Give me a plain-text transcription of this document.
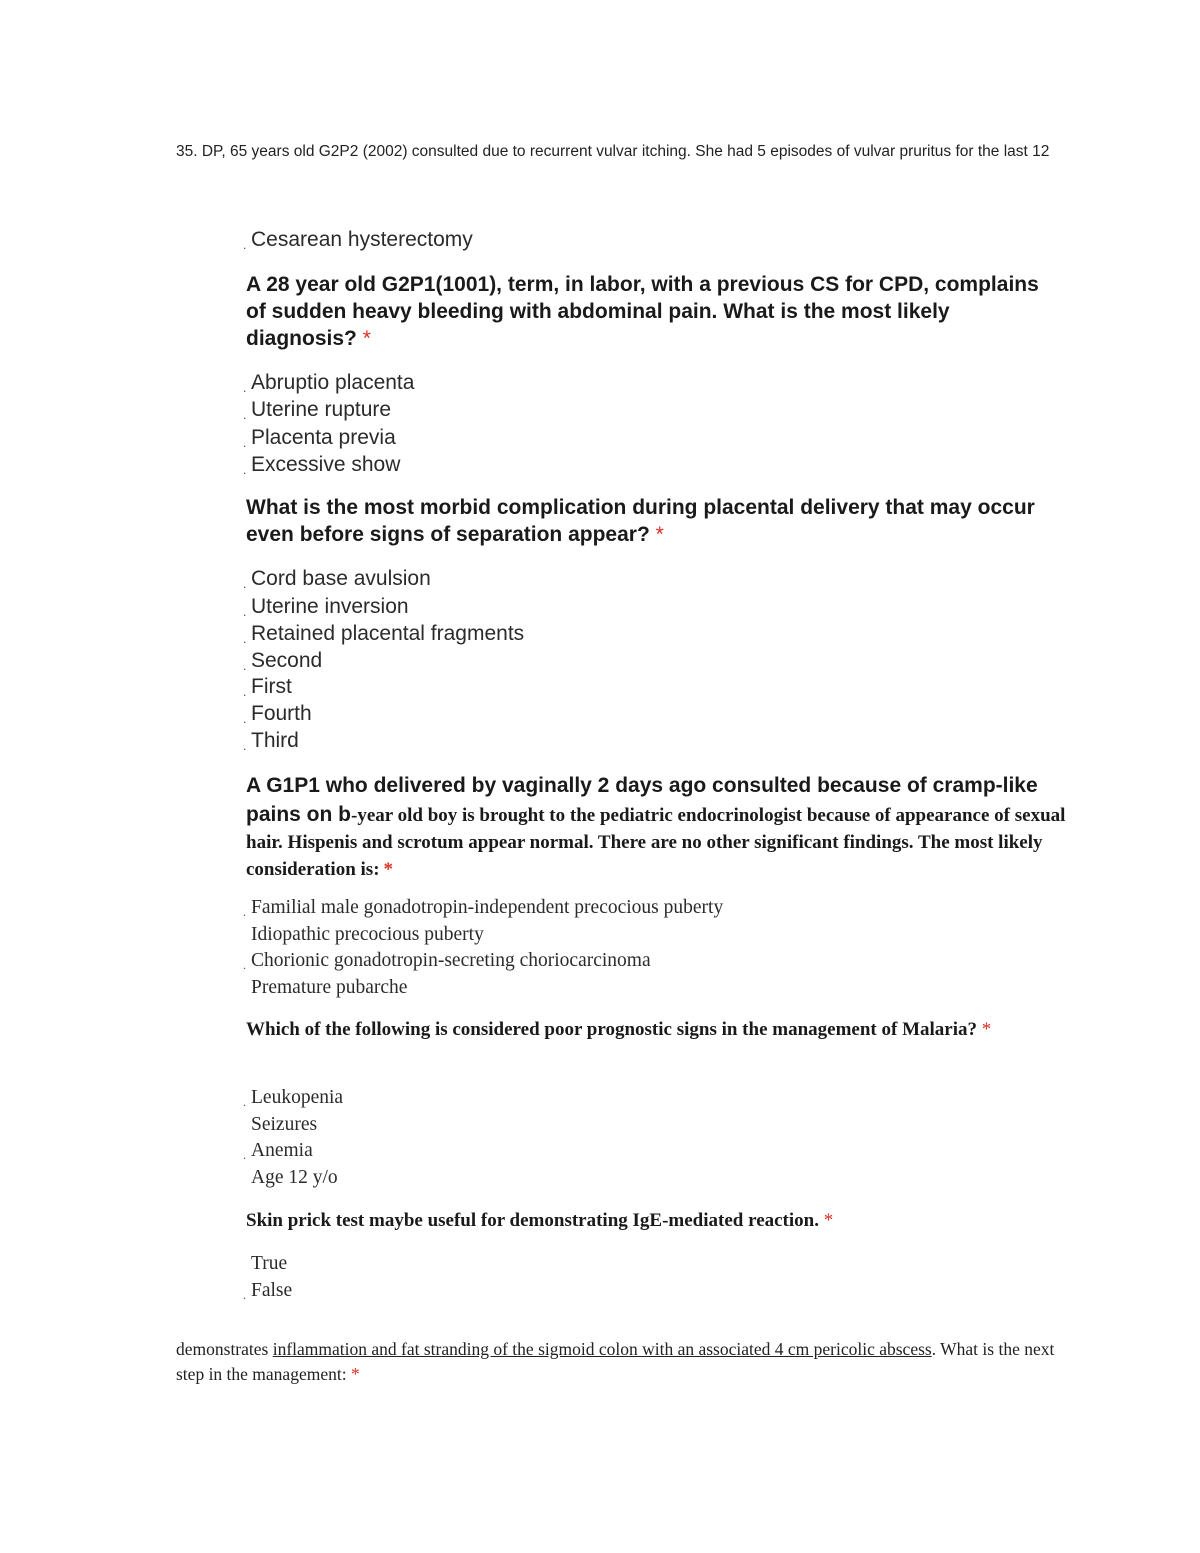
35. DP, 65 years old G2P2 (2002) consulted due to recurrent vulvar itching. She had 5 episodes of vulvar pruritus for the last 12
. Cesarean hysterectomy
A 28 year old G2P1(1001), term, in labor, with a previous CS for CPD, complains of sudden heavy bleeding with abdominal pain. What is the most likely diagnosis? *
. Abruptio placenta
. Uterine rupture
. Placenta previa
. Excessive show
What is the most morbid complication during placental delivery that may occur even before signs of separation appear? *
. Cord base avulsion
. Uterine inversion
. Retained placental fragments
. Second
. First
. Fourth
. Third
A G1P1 who delivered by vaginally 2 days ago consulted because of cramp-like pains on b-year old boy is brought to the pediatric endocrinologist because of appearance of sexual hair. Hispenis and scrotum appear normal. There are no other significant findings. The most likely consideration is: *
. Familial male gonadotropin-independent precocious puberty
Idiopathic precocious puberty
. Chorionic gonadotropin-secreting choriocarcinoma
Premature pubarche
Which of the following is considered poor prognostic signs in the management of Malaria? *
. Leukopenia
Seizures
. Anemia
Age 12 y/o
Skin prick test maybe useful for demonstrating IgE-mediated reaction. *
True
. False
demonstrates inflammation and fat stranding of the sigmoid colon with an associated 4 cm pericolic abscess. What is the next step in the management: *
